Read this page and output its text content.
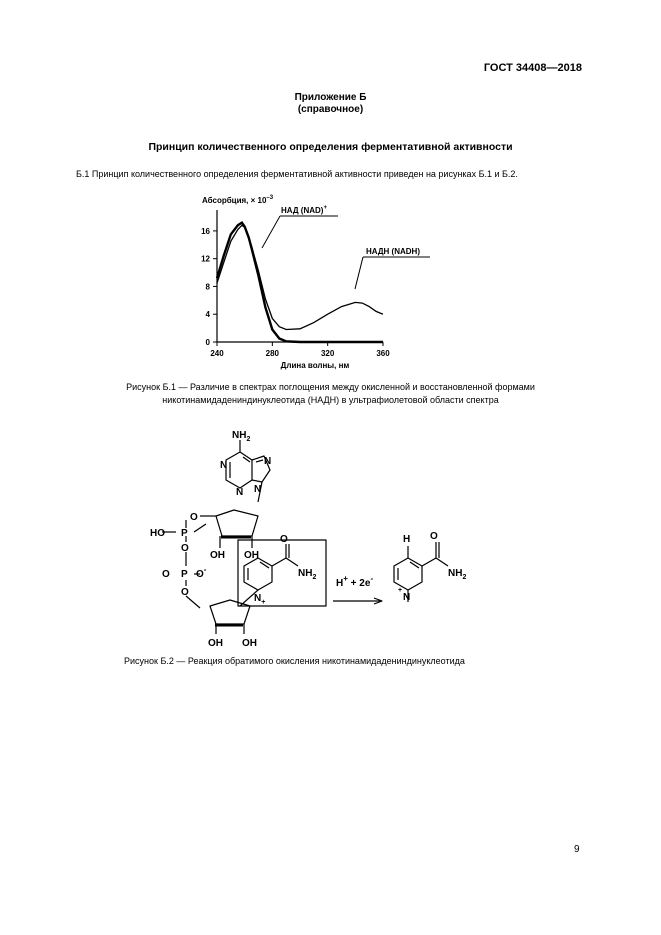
ГОСТ 34408—2018
Приложение Б
(справочное)
Принцип количественного определения ферментативной активности
Б.1 Принцип количественного определения ферментативной активности приведен на рисунках Б.1 и Б.2.
Абсорбция, × $10^{-3}$
0
4
8
12
16
240	280	320	360
НАД (NAD)+
НАДН (NADH)
Длина волны, нм
Рисунок Б.1 — Различие в спектрах поглощения между окисленной и восстановленной формами
никотинамидадениндинуклеотида (НАДН) в ультрафиолетовой области спектра
$NH_2$
N
N
N
N
O
HO P
O
O P O-
O
OH OH
OH OH
O
$NH_2$
$N_+$
H+ + 2e-
H O
$NH_2$
N
+
Рисунок Б.2 — Реакция обратимого окисления никотинамидадениндинуклеотида
9
